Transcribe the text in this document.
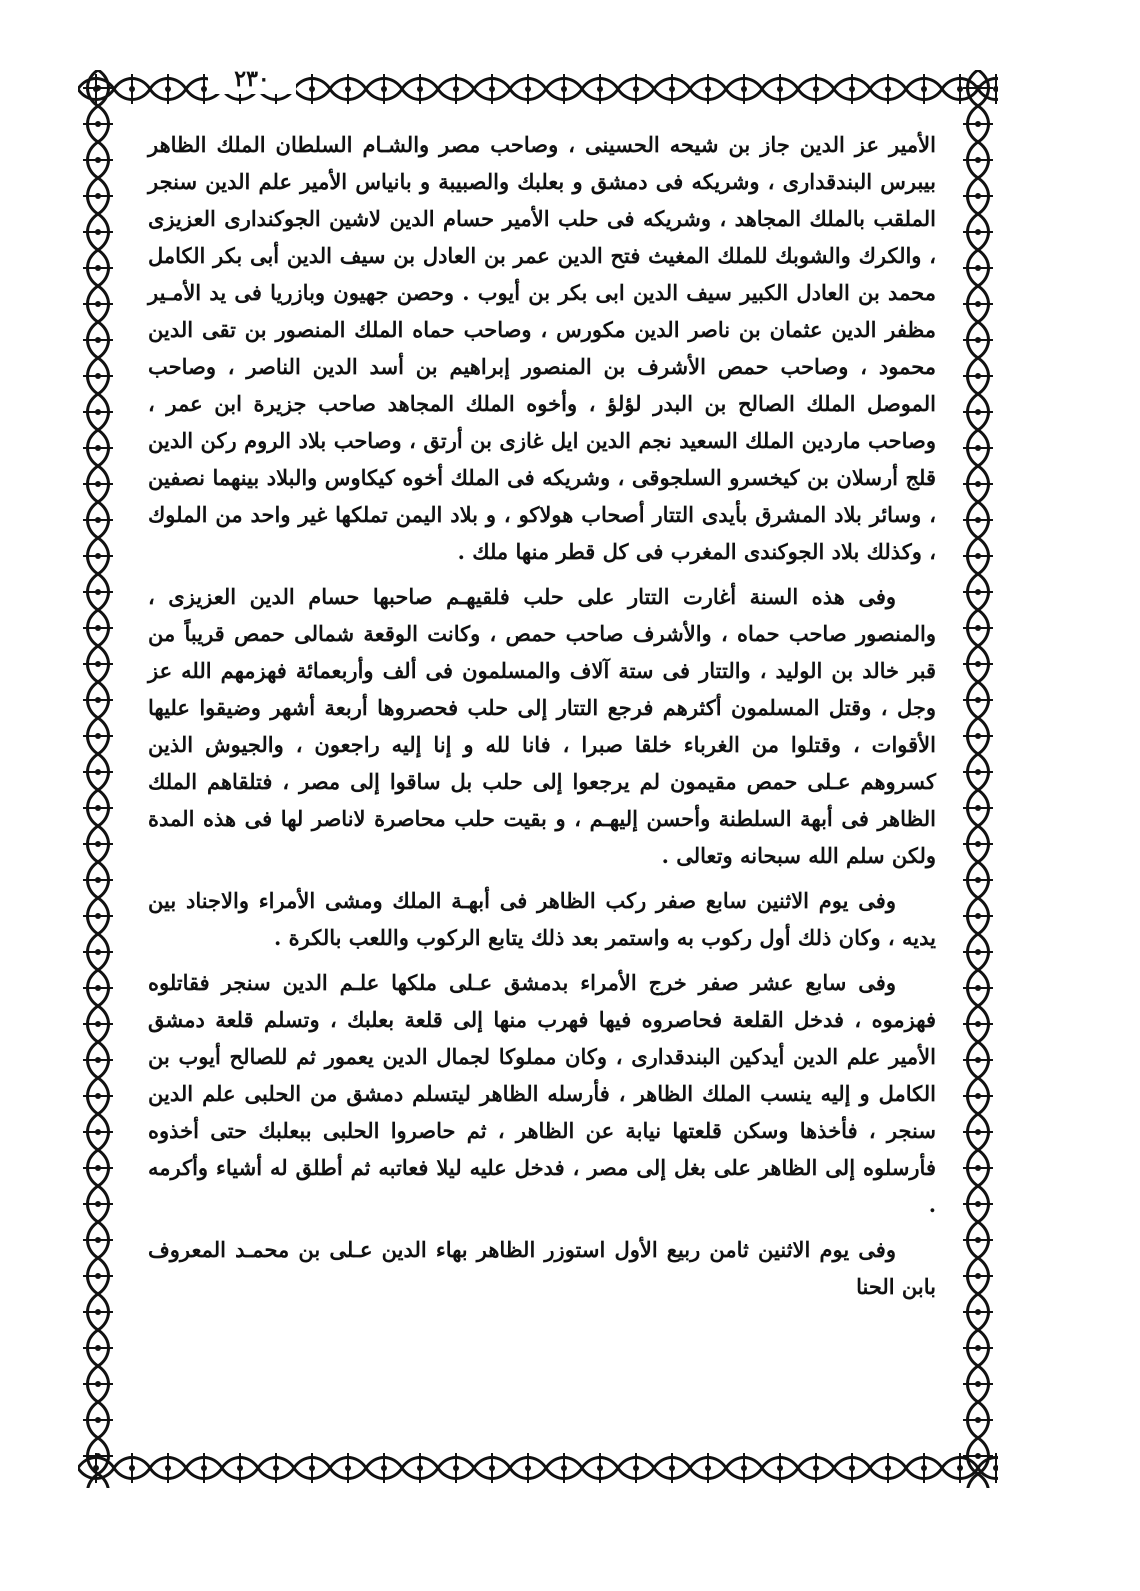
٢٣٠

الأمير عز الدين جاز بن شيحه الحسينى ، وصاحب مصر والشـام السلطان الملك الظاهر بيبرس البندقدارى ، وشريكه فى دمشق و بعلبك والصبيبة و بانياس الأمير علم الدين سنجر الملقب بالملك المجاهد ، وشريكه فى حلب الأمير حسام الدين لاشين الجوكندارى العزيزى ، والكرك والشوبك للملك المغيث فتح الدين عمر بن العادل بن سيف الدين أبى بكر الكامل محمد بن العادل الكبير سيف الدين ابى بكر بن أيوب . وحصن جهيون وبازريا فى يد الأمـير مظفر الدين عثمان بن ناصر الدين مكورس ، وصاحب حماه الملك المنصور بن تقى الدين محمود ، وصاحب حمص الأشرف بن المنصور إبراهيم بن أسد الدين الناصر ، وصاحب الموصل الملك الصالح بن البدر لؤلؤ ، وأخوه الملك المجاهد صاحب جزيرة ابن عمر ، وصاحب ماردين الملك السعيد نجم الدين ايل غازى بن أرتق ، وصاحب بلاد الروم ركن الدين قلج أرسلان بن كيخسرو السلجوقى ، وشريكه فى الملك أخوه كيكاوس والبلاد بينهما نصفين ، وسائر بلاد المشرق بأيدى التتار أصحاب هولاكو ، و بلاد اليمن تملكها غير واحد من الملوك ، وكذلك بلاد الجوكندى المغرب فى كل قطر منها ملك .

وفى هذه السنة أغارت التتار على حلب فلقيهـم صاحبها حسام الدين العزيزى ، والمنصور صاحب حماه ، والأشرف صاحب حمص ، وكانت الوقعة شمالى حمص قريباً من قبر خالد بن الوليد ، والتتار فى ستة آلاف والمسلمون فى ألف وأربعمائة فهزمهم الله عز وجل ، وقتل المسلمون أكثرهم فرجع التتار إلى حلب فحصروها أربعة أشهر وضيقوا عليها الأقوات ، وقتلوا من الغرباء خلقا صبرا ، فانا لله و إنا إليه راجعون ، والجيوش الذين كسروهم عـلى حمص مقيمون لم يرجعوا إلى حلب بل ساقوا إلى مصر ، فتلقاهم الملك الظاهر فى أبهة السلطنة وأحسن إليهـم ، و بقيت حلب محاصرة لاناصر لها فى هذه المدة ولكن سلم الله سبحانه وتعالى .

وفى يوم الاثنين سابع صفر ركب الظاهر فى أبهـة الملك ومشى الأمراء والاجناد بين يديه ، وكان ذلك أول ركوب به واستمر بعد ذلك يتابع الركوب واللعب بالكرة .

وفى سابع عشر صفر خرج الأمراء بدمشق عـلى ملكها علـم الدين سنجر فقاتلوه فهزموه ، فدخل القلعة فحاصروه فيها فهرب منها إلى قلعة بعلبك ، وتسلم قلعة دمشق الأمير علم الدين أيدكين البندقدارى ، وكان مملوكا لجمال الدين يعمور ثم للصالح أيوب بن الكامل و إليه ينسب الملك الظاهر ، فأرسله الظاهر ليتسلم دمشق من الحلبى علم الدين سنجر ، فأخذها وسكن قلعتها نيابة عن الظاهر ، ثم حاصروا الحلبى ببعلبك حتى أخذوه فأرسلوه إلى الظاهر على بغل إلى مصر ، فدخل عليه ليلا فعاتبه ثم أطلق له أشياء وأكرمه .

وفى يوم الاثنين ثامن ربيع الأول استوزر الظاهر بهاء الدين عـلى بن محمـد المعروف بابن الحنا
